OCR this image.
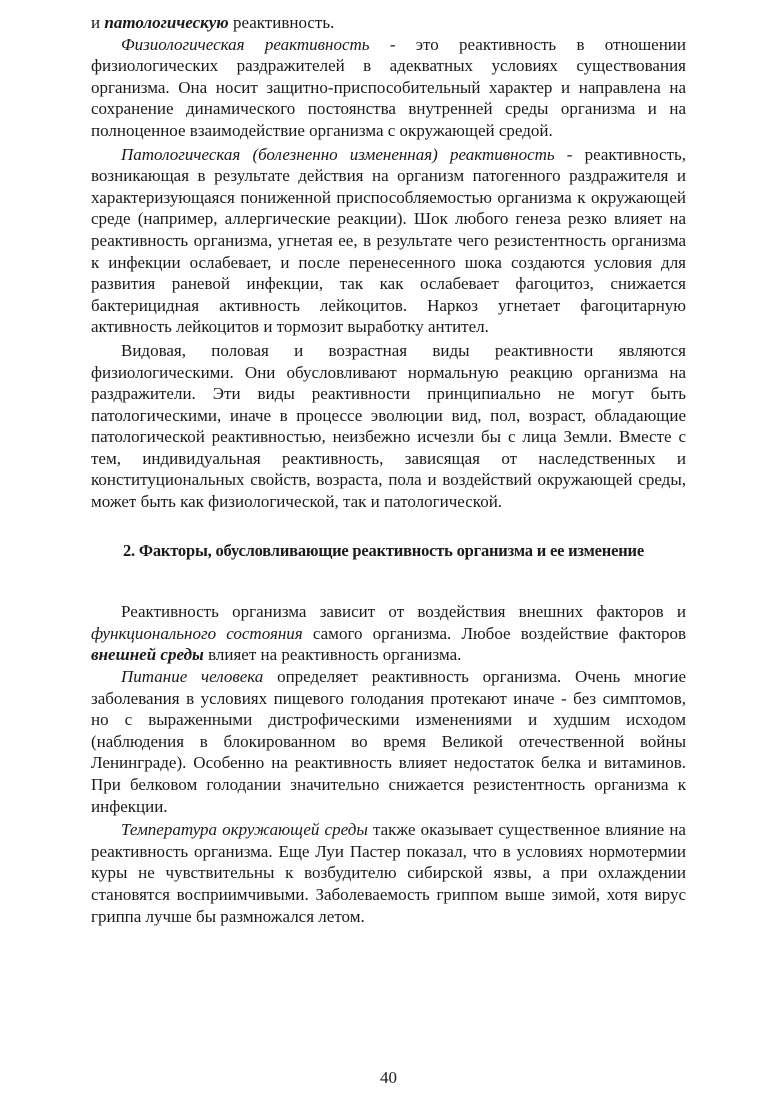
и патологическую реактивность.

Физиологическая реактивность - это реактивность в отношении физиологических раздражителей в адекватных условиях существования организма. Она носит защитно-приспособительный характер и направлена на сохранение динамического постоянства внутренней среды организма и на полноценное взаимодействие организма с окружающей средой.

Патологическая (болезненно измененная) реактивность - реактивность, возникающая в результате действия на организм патогенного раздражителя и характеризующаяся пониженной приспособляемостью организма к окружающей среде (например, аллергические реакции). Шок любого генеза резко влияет на реактивность организма, угнетая ее, в результате чего резистентность организма к инфекции ослабевает, и после перенесенного шока создаются условия для развития раневой инфекции, так как ослабевает фагоцитоз, снижается бактерицидная активность лейкоцитов. Наркоз угнетает фагоцитарную активность лейкоцитов и тормозит выработку антител.

Видовая, половая и возрастная виды реактивности являются физиологическими. Они обусловливают нормальную реакцию организма на раздражители. Эти виды реактивности принципиально не могут быть патологическими, иначе в процессе эволюции вид, пол, возраст, обладающие патологической реактивностью, неизбежно исчезли бы с лица Земли. Вместе с тем, индивидуальная реактивность, зависящая от наследственных и конституциональных свойств, возраста, пола и воздействий окружающей среды, может быть как физиологической, так и патологической.

2. Факторы, обусловливающие реактивность организма и ее изменение

Реактивность организма зависит от воздействия внешних факторов и функционального состояния самого организма. Любое воздействие факторов внешней среды влияет на реактивность организма.

Питание человека определяет реактивность организма. Очень многие заболевания в условиях пищевого голодания протекают иначе - без симптомов, но с выраженными дистрофическими изменениями и худшим исходом (наблюдения в блокированном во время Великой отечественной войны Ленинграде). Особенно на реактивность влияет недостаток белка и витаминов. При белковом голодании значительно снижается резистентность организма к инфекции.

Температура окружающей среды также оказывает существенное влияние на реактивность организма. Еще Луи Пастер показал, что в условиях нормотермии куры не чувствительны к возбудителю сибирской язвы, а при охлаждении становятся восприимчивыми. Заболеваемость гриппом выше зимой, хотя вирус гриппа лучше бы размножался летом.

40
